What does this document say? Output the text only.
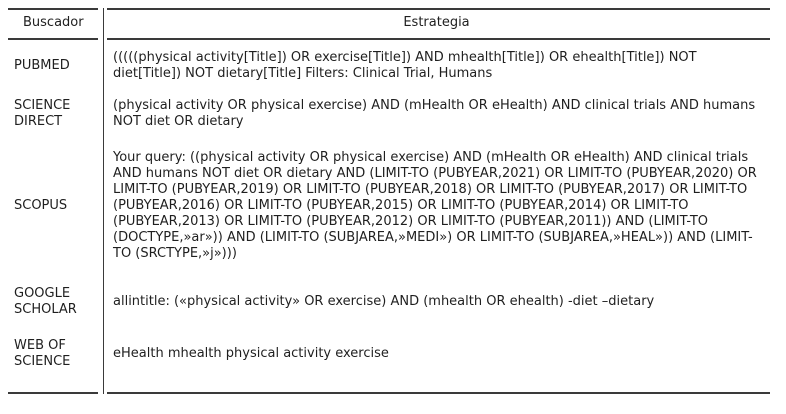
Buscador	Estrategia
PUBMED
(((((physical activity[Title]) OR exercise[Title]) AND mhealth[Title]) OR ehealth[Title]) NOT diet[Title]) NOT dietary[Title] Filters: Clinical Trial, Humans
SCIENCE DIRECT
(physical activity OR physical exercise) AND (mHealth OR eHealth) AND clinical trials AND humans NOT diet OR dietary
SCOPUS
Your query: ((physical activity OR physical exercise) AND (mHealth OR eHealth) AND clinical trials AND humans NOT diet OR dietary AND (LIMIT-TO (PUBYEAR,2021) OR LIMIT-TO (PUBYEAR,2020) OR LIMIT-TO (PUBYEAR,2019) OR LIMIT-TO (PUBYEAR,2018) OR LIMIT-TO (PUBYEAR,2017) OR LIMIT-TO (PUBYEAR,2016) OR LIMIT-TO (PUBYEAR,2015) OR LIMIT-TO (PUBYEAR,2014) OR LIMIT-TO (PUBYEAR,2013) OR LIMIT-TO (PUBYEAR,2012) OR LIMIT-TO (PUBYEAR,2011)) AND (LIMIT-TO (DOCTYPE,»ar»)) AND (LIMIT-TO (SUBJAREA,»MEDI») OR LIMIT-TO (SUBJAREA,»HEAL»)) AND (LIMIT-TO (SRCTYPE,»j»)))
GOOGLE SCHOLAR
allintitle: («physical activity» OR exercise) AND (mhealth OR ehealth) -diet –dietary
WEB OF SCIENCE
eHealth mhealth physical activity exercise
